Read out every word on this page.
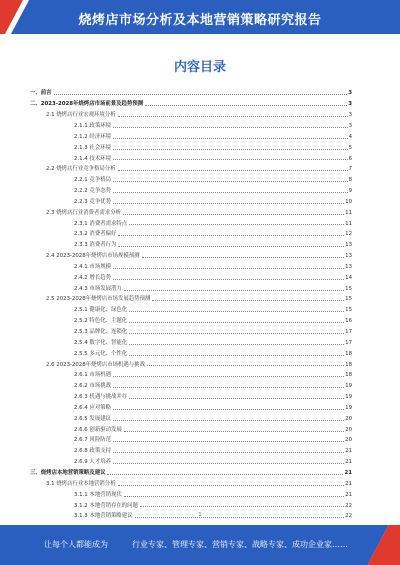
烧烤店市场分析及本地营销策略研究报告
内容目录
一、前言	3
二、2023-2028年烧烤店市场前景及趋势预测	3
2.1 烧烤店行业宏观环境分析	3
2.1.1 政策环境	3
2.1.2 经济环境	4
2.1.3 社会环境	5
2.1.4 技术环境	6
2.2 烧烤店行业竞争格局分析	7
2.2.1 竞争格局	8
2.2.2 竞争态势	9
2.2.3 竞争优势	10
2.3 烧烤店行业消费者需求分析	11
2.3.1 消费者需求特点	11
2.3.2 消费者偏好	12
2.3.3 消费者行为	13
2.4 2023-2028年烧烤店市场规模预测	13
2.4.1 市场规模	13
2.4.2 增长趋势	14
2.4.3 市场发展潜力	15
2.5 2023-2028年烧烤店市场发展趋势预测	15
2.5.1 健康化、绿色化	15
2.5.2 特色化、主题化	16
2.5.3 品牌化、连锁化	17
2.5.4 数字化、智能化	17
2.5.5 多元化、个性化	18
2.6 2023-2028年烧烤店市场机遇与挑战	18
2.6.1 市场机遇	18
2.6.2 市场挑战	19
2.6.3 机遇与挑战并存	19
2.6.4 应对策略	19
2.6.5 发展建议	20
2.6.6 创新驱动发展	20
2.6.7 风险防范	20
2.6.8 政策支持	21
2.6.9 人才培养	21
三、烧烤店本地营销策略及建议	21
3.1 烧烤店行业本地营销分析	21
3.1.1 本地营销现状	21
3.1.2 本地营销存在的问题	22
3.1.3 本地营销策略建议	22
1
让每个人都能成为	行业专家、管理专家、营销专家、战略专家、成功企业家……
